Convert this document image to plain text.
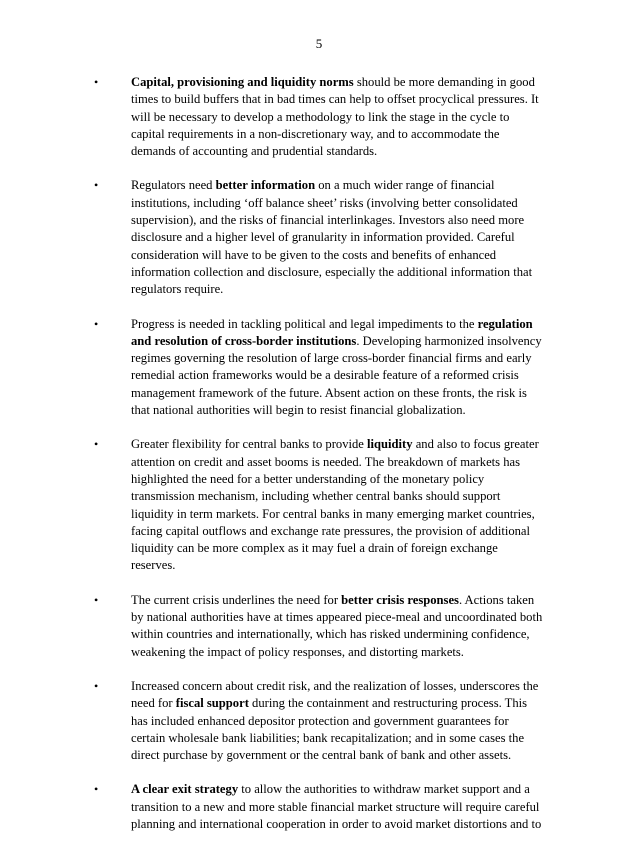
5
•	Capital, provisioning and liquidity norms should be more demanding in good times to build buffers that in bad times can help to offset procyclical pressures. It will be necessary to develop a methodology to link the stage in the cycle to capital requirements in a non-discretionary way, and to accommodate the demands of accounting and prudential standards.
•	Regulators need better information on a much wider range of financial institutions, including ‘off balance sheet’ risks (involving better consolidated supervision), and the risks of financial interlinkages. Investors also need more disclosure and a higher level of granularity in information provided. Careful consideration will have to be given to the costs and benefits of enhanced information collection and disclosure, especially the additional information that regulators require.
•	Progress is needed in tackling political and legal impediments to the regulation and resolution of cross-border institutions. Developing harmonized insolvency regimes governing the resolution of large cross-border financial firms and early remedial action frameworks would be a desirable feature of a reformed crisis management framework of the future. Absent action on these fronts, the risk is that national authorities will begin to resist financial globalization.
•	Greater flexibility for central banks to provide liquidity and also to focus greater attention on credit and asset booms is needed. The breakdown of markets has highlighted the need for a better understanding of the monetary policy transmission mechanism, including whether central banks should support liquidity in term markets. For central banks in many emerging market countries, facing capital outflows and exchange rate pressures, the provision of additional liquidity can be more complex as it may fuel a drain of foreign exchange reserves.
•	The current crisis underlines the need for better crisis responses. Actions taken by national authorities have at times appeared piece-meal and uncoordinated both within countries and internationally, which has risked undermining confidence, weakening the impact of policy responses, and distorting markets.
•	Increased concern about credit risk, and the realization of losses, underscores the need for fiscal support during the containment and restructuring process. This has included enhanced depositor protection and government guarantees for certain wholesale bank liabilities; bank recapitalization; and in some cases the direct purchase by government or the central bank of bank and other assets.
•	A clear exit strategy to allow the authorities to withdraw market support and a transition to a new and more stable financial market structure will require careful planning and international cooperation in order to avoid market distortions and to
